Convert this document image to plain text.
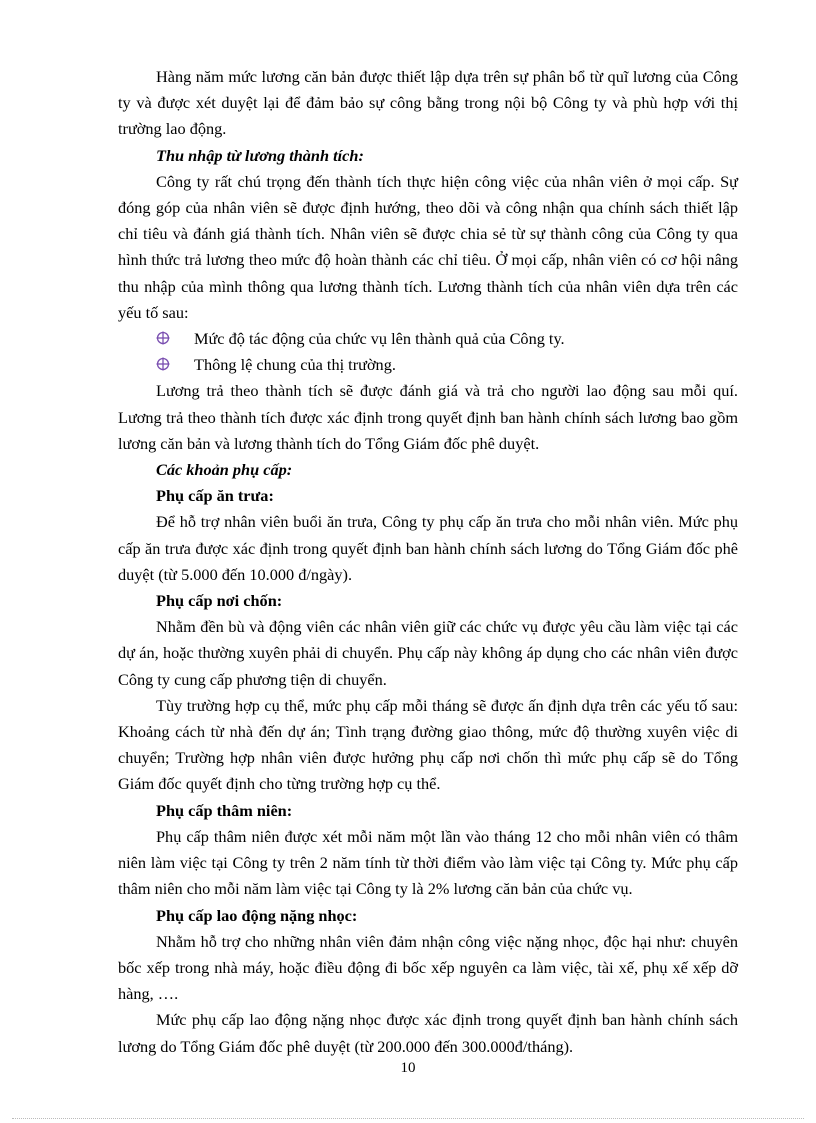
Hàng năm mức lương căn bản được thiết lập dựa trên sự phân bổ từ quĩ lương của Công ty và được xét duyệt lại để đảm bảo sự công bằng trong nội bộ Công ty và phù hợp với thị trường lao động.

Thu nhập từ lương thành tích:

Công ty rất chú trọng đến thành tích thực hiện công việc của nhân viên ở mọi cấp. Sự đóng góp của nhân viên sẽ được định hướng, theo dõi và công nhận qua chính sách thiết lập chỉ tiêu và đánh giá thành tích. Nhân viên sẽ được chia sẻ từ sự thành công của Công ty qua hình thức trả lương theo mức độ hoàn thành các chỉ tiêu. Ở mọi cấp, nhân viên có cơ hội nâng thu nhập của mình thông qua lương thành tích. Lương thành tích của nhân viên dựa trên các yếu tố sau:

Mức độ tác động của chức vụ lên thành quả của Công ty.

Thông lệ chung của thị trường.

Lương trả theo thành tích sẽ được đánh giá và trả cho người lao động sau mỗi quí. Lương trả theo thành tích được xác định trong quyết định ban hành chính sách lương bao gồm lương căn bản và lương thành tích do Tổng Giám đốc phê duyệt.

Các khoản phụ cấp:

Phụ cấp ăn trưa:

Để hỗ trợ nhân viên buổi ăn trưa, Công ty phụ cấp ăn trưa cho mỗi nhân viên. Mức phụ cấp ăn trưa được xác định trong quyết định ban hành chính sách lương do Tổng Giám đốc phê duyệt (từ 5.000 đến 10.000 đ/ngày).

Phụ cấp nơi chốn:

Nhằm đền bù và động viên các nhân viên giữ các chức vụ được yêu cầu làm việc tại các dự án, hoặc thường xuyên phải di chuyển. Phụ cấp này không áp dụng cho các nhân viên được Công ty cung cấp phương tiện di chuyển.

Tùy trường hợp cụ thể, mức phụ cấp mỗi tháng sẽ được ấn định dựa trên các yếu tố sau: Khoảng cách từ nhà đến dự án; Tình trạng đường giao thông, mức độ thường xuyên việc di chuyển; Trường hợp nhân viên được hưởng phụ cấp nơi chốn thì mức phụ cấp sẽ do Tổng Giám đốc quyết định cho từng trường hợp cụ thể.

Phụ cấp thâm niên:

Phụ cấp thâm niên được xét mỗi năm một lần vào tháng 12 cho mỗi nhân viên có thâm niên làm việc tại Công ty trên 2 năm tính từ thời điểm vào làm việc tại Công ty. Mức phụ cấp thâm niên cho mỗi năm làm việc tại Công ty là 2% lương căn bản của chức vụ.

Phụ cấp lao động nặng nhọc:

Nhằm hỗ trợ cho những nhân viên đảm nhận công việc nặng nhọc, độc hại như: chuyên bốc xếp trong nhà máy, hoặc điều động đi bốc xếp nguyên ca làm việc, tài xế, phụ xế xếp dỡ hàng, ….

Mức phụ cấp lao động nặng nhọc được xác định trong quyết định ban hành chính sách lương do Tổng Giám đốc phê duyệt (từ 200.000 đến 300.000đ/tháng).

10
